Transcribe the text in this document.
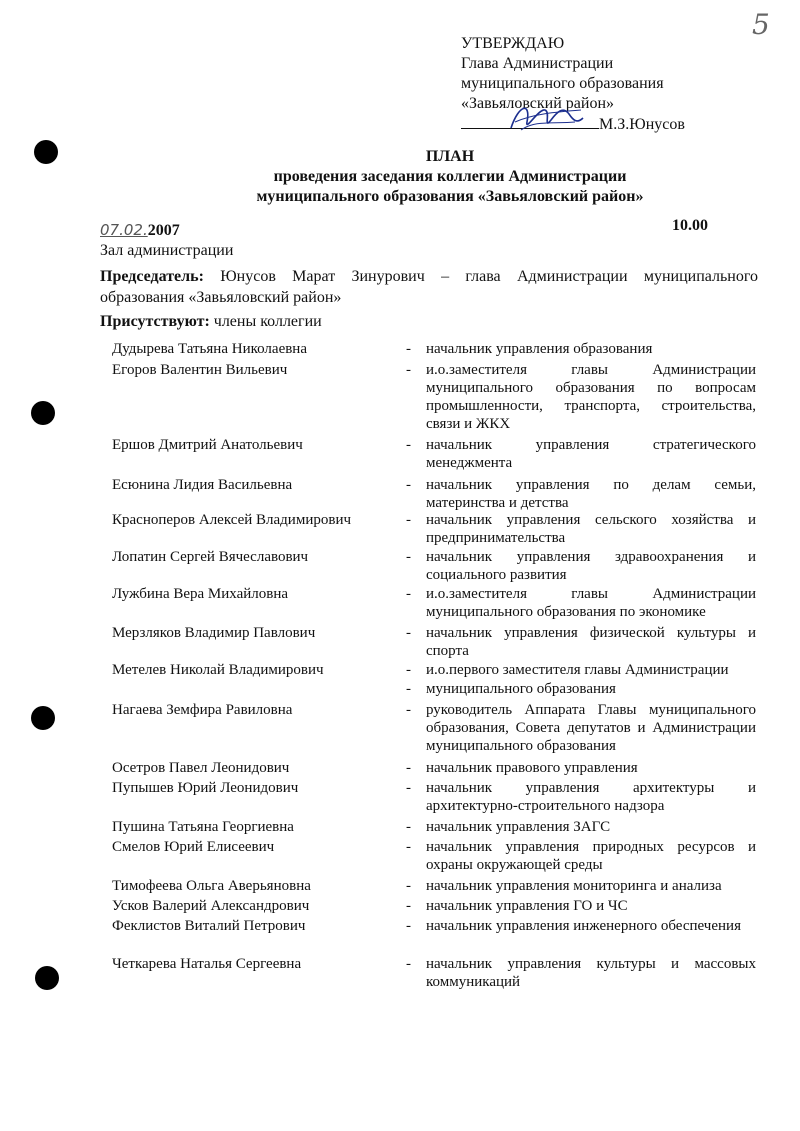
5
УТВЕРЖДАЮ
Глава Администрации
муниципального образования
«Завьяловский район»
М.З.Юнусов
ПЛАН
проведения заседания коллегии Администрации
муниципального образования «Завьяловский район»
07.02.2007	10.00
Зал администрации
Председатель: Юнусов Марат Зинурович – глава Администрации муниципального образования «Завьяловский район»
Присутствуют: члены коллегии
Дудырева Татьяна Николаевна	- начальник управления образования
Егоров Валентин Вильевич	- и.о.заместителя главы Администрации муниципального образования по вопросам промышленности, транспорта, строительства, связи и ЖКХ
Ершов Дмитрий Анатольевич	- начальник управления стратегического менеджмента
Есюнина Лидия Васильевна	- начальник управления по делам семьи, материнства и детства
Красноперов Алексей Владимирович	- начальник управления сельского хозяйства и предпринимательства
Лопатин Сергей Вячеславович	- начальник управления здравоохранения и социального развития
Лужбина Вера Михайловна	- и.о.заместителя главы Администрации муниципального образования по экономике
Мерзляков Владимир Павлович	- начальник управления физической культуры и спорта
Метелев Николай Владимирович	- и.о.первого заместителя главы Администрации
- муниципального образования
Нагаева Земфира Равиловна	- руководитель Аппарата Главы муниципального образования, Совета депутатов и Администрации муниципального образования
Осетров Павел Леонидович	- начальник правового управления
Пупышев Юрий Леонидович	- начальник управления архитектуры и архитектурно-строительного надзора
Пушина Татьяна Георгиевна	- начальник управления ЗАГС
Смелов Юрий Елисеевич	- начальник управления природных ресурсов и охраны окружающей среды
Тимофеева Ольга Аверьяновна	- начальник управления мониторинга и анализа
Усков Валерий Александрович	- начальник управления ГО и ЧС
Феклистов Виталий Петрович	- начальник управления инженерного обеспечения
Четкарева Наталья Сергеевна	- начальник управления культуры и массовых коммуникаций
